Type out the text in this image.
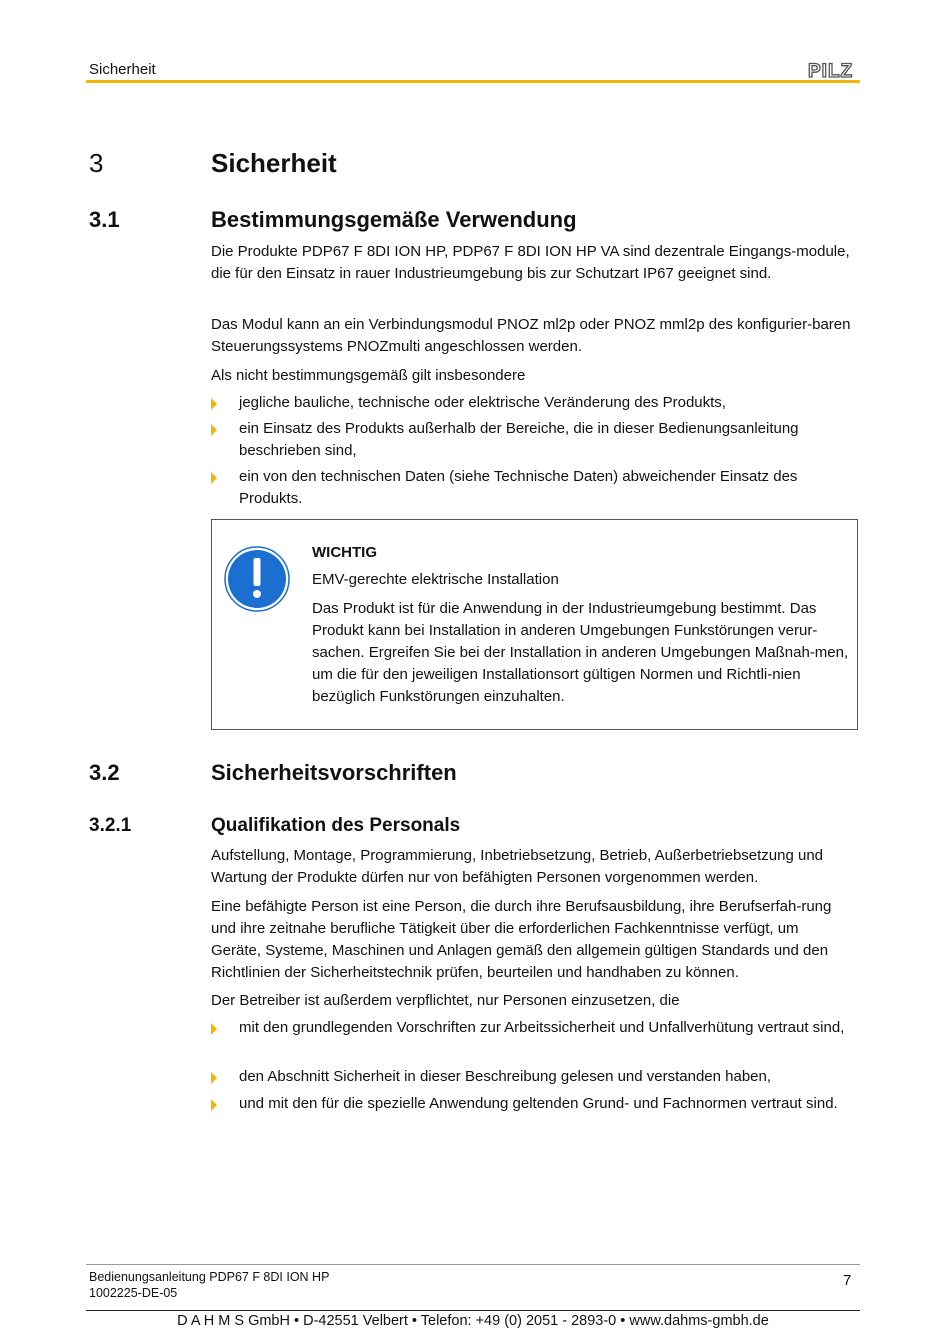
Sicherheit	PILZ
3	Sicherheit
3.1	Bestimmungsgemäße Verwendung
Die Produkte PDP67 F 8DI ION HP, PDP67 F 8DI ION HP VA sind dezentrale Eingangs-module, die für den Einsatz in rauer Industrieumgebung bis zur Schutzart IP67 geeignet sind.
Das Modul kann an ein Verbindungsmodul PNOZ ml2p oder PNOZ mml2p des konfigurier-baren Steuerungssystems PNOZmulti angeschlossen werden.
Als nicht bestimmungsgemäß gilt insbesondere
jegliche bauliche, technische oder elektrische Veränderung des Produkts,
ein Einsatz des Produkts außerhalb der Bereiche, die in dieser Bedienungsanleitung beschrieben sind,
ein von den technischen Daten (siehe Technische Daten) abweichender Einsatz des Produkts.
WICHTIG
EMV-gerechte elektrische Installation
Das Produkt ist für die Anwendung in der Industrieumgebung bestimmt. Das Produkt kann bei Installation in anderen Umgebungen Funkstörungen verur-sachen. Ergreifen Sie bei der Installation in anderen Umgebungen Maßnah-men, um die für den jeweiligen Installationsort gültigen Normen und Richtli-nien bezüglich Funkstörungen einzuhalten.
3.2	Sicherheitsvorschriften
3.2.1	Qualifikation des Personals
Aufstellung, Montage, Programmierung, Inbetriebsetzung, Betrieb, Außerbetriebsetzung und Wartung der Produkte dürfen nur von befähigten Personen vorgenommen werden.
Eine befähigte Person ist eine Person, die durch ihre Berufsausbildung, ihre Berufserfah-rung und ihre zeitnahe berufliche Tätigkeit über die erforderlichen Fachkenntnisse verfügt, um Geräte, Systeme, Maschinen und Anlagen gemäß den allgemein gültigen Standards und den Richtlinien der Sicherheitstechnik prüfen, beurteilen und handhaben zu können.
Der Betreiber ist außerdem verpflichtet, nur Personen einzusetzen, die
mit den grundlegenden Vorschriften zur Arbeitssicherheit und Unfallverhütung vertraut sind,
den Abschnitt Sicherheit in dieser Beschreibung gelesen und verstanden haben,
und mit den für die spezielle Anwendung geltenden Grund- und Fachnormen vertraut sind.
Bedienungsanleitung PDP67 F 8DI ION HP
1002225-DE-05
7
D A H M S GmbH • D-42551 Velbert • Telefon: +49 (0) 2051 - 2893-0 • www.dahms-gmbh.de
